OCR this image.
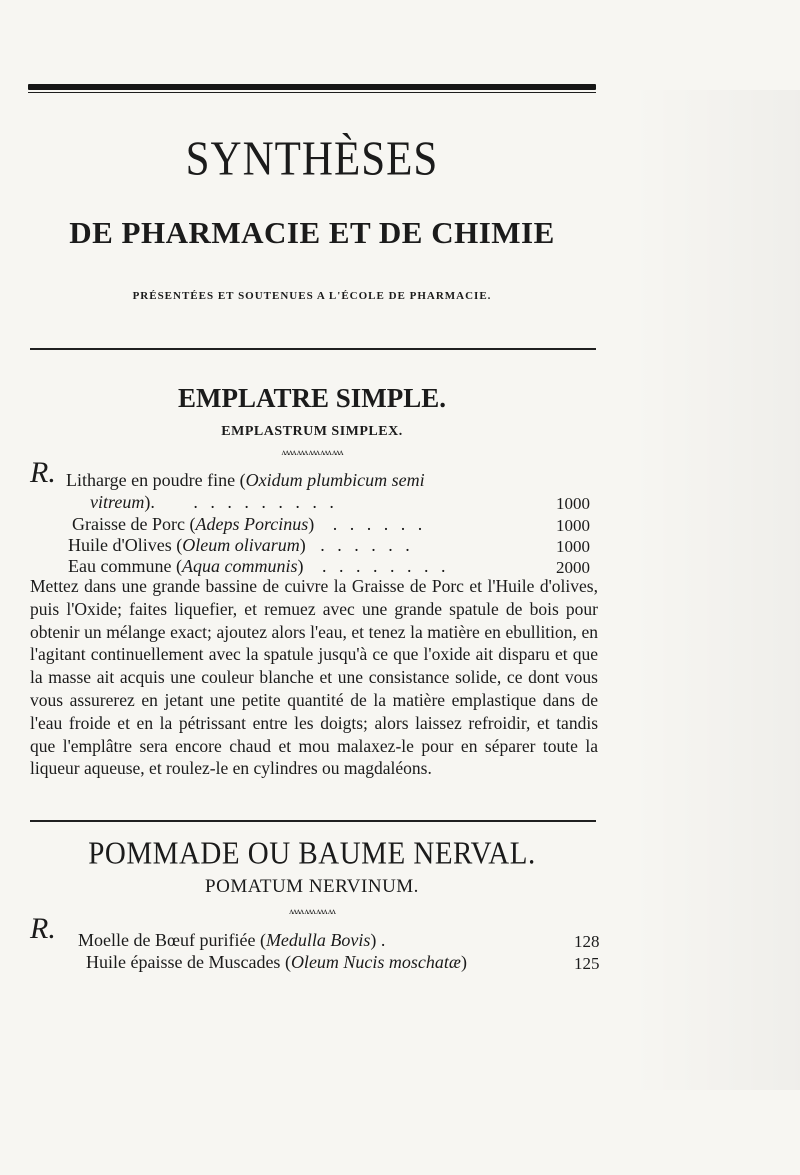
SYNTHÈSES
DE PHARMACIE ET DE CHIMIE
PRÉSENTÉES ET SOUTENUES A L'ÉCOLE DE PHARMACIE.
EMPLATRE SIMPLE.
EMPLASTRUM SIMPLEX.
ʌʌʌʌ ʌʌʌ ʌʌʌ ʌʌʌ ʌʌʌ
R. Litharge en poudre fine (Oxidum plumbicum semi
vitreum). . . . . . . . . .	1000
Graisse de Porc (Adeps Porcinus) . . . . . .	1000
Huile d'Olives (Oleum olivarum) . . . . . .	1000
Eau commune (Aqua communis) . . . . . . . .	2000
Mettez dans une grande bassine de cuivre la Graisse de Porc et l'Huile d'olives, puis l'Oxide; faites liquefier, et remuez avec une grande spatule de bois pour obtenir un mélange exact; ajoutez alors l'eau, et tenez la matière en ebullition, en l'agitant continuellement avec la spatule jusqu'à ce que l'oxide ait disparu et que la masse ait acquis une couleur blanche et une consistance solide, ce dont vous vous assurerez en jetant une petite quantité de la matière emplastique dans de l'eau froide et en la pétrissant entre les doigts; alors laissez refroidir, et tandis que l'emplâtre sera encore chaud et mou malaxez-le pour en séparer toute la liqueur aqueuse, et roulez-le en cylindres ou magdaléons.
POMMADE OU BAUME NERVAL.
POMATUM NERVINUM.
ʌʌʌʌ ʌʌʌ ʌʌʌ ʌʌ
R. Moelle de Bœuf purifiée (Medulla Bovis) .	128
Huile épaisse de Muscades (Oleum Nucis moschatæ)	125
